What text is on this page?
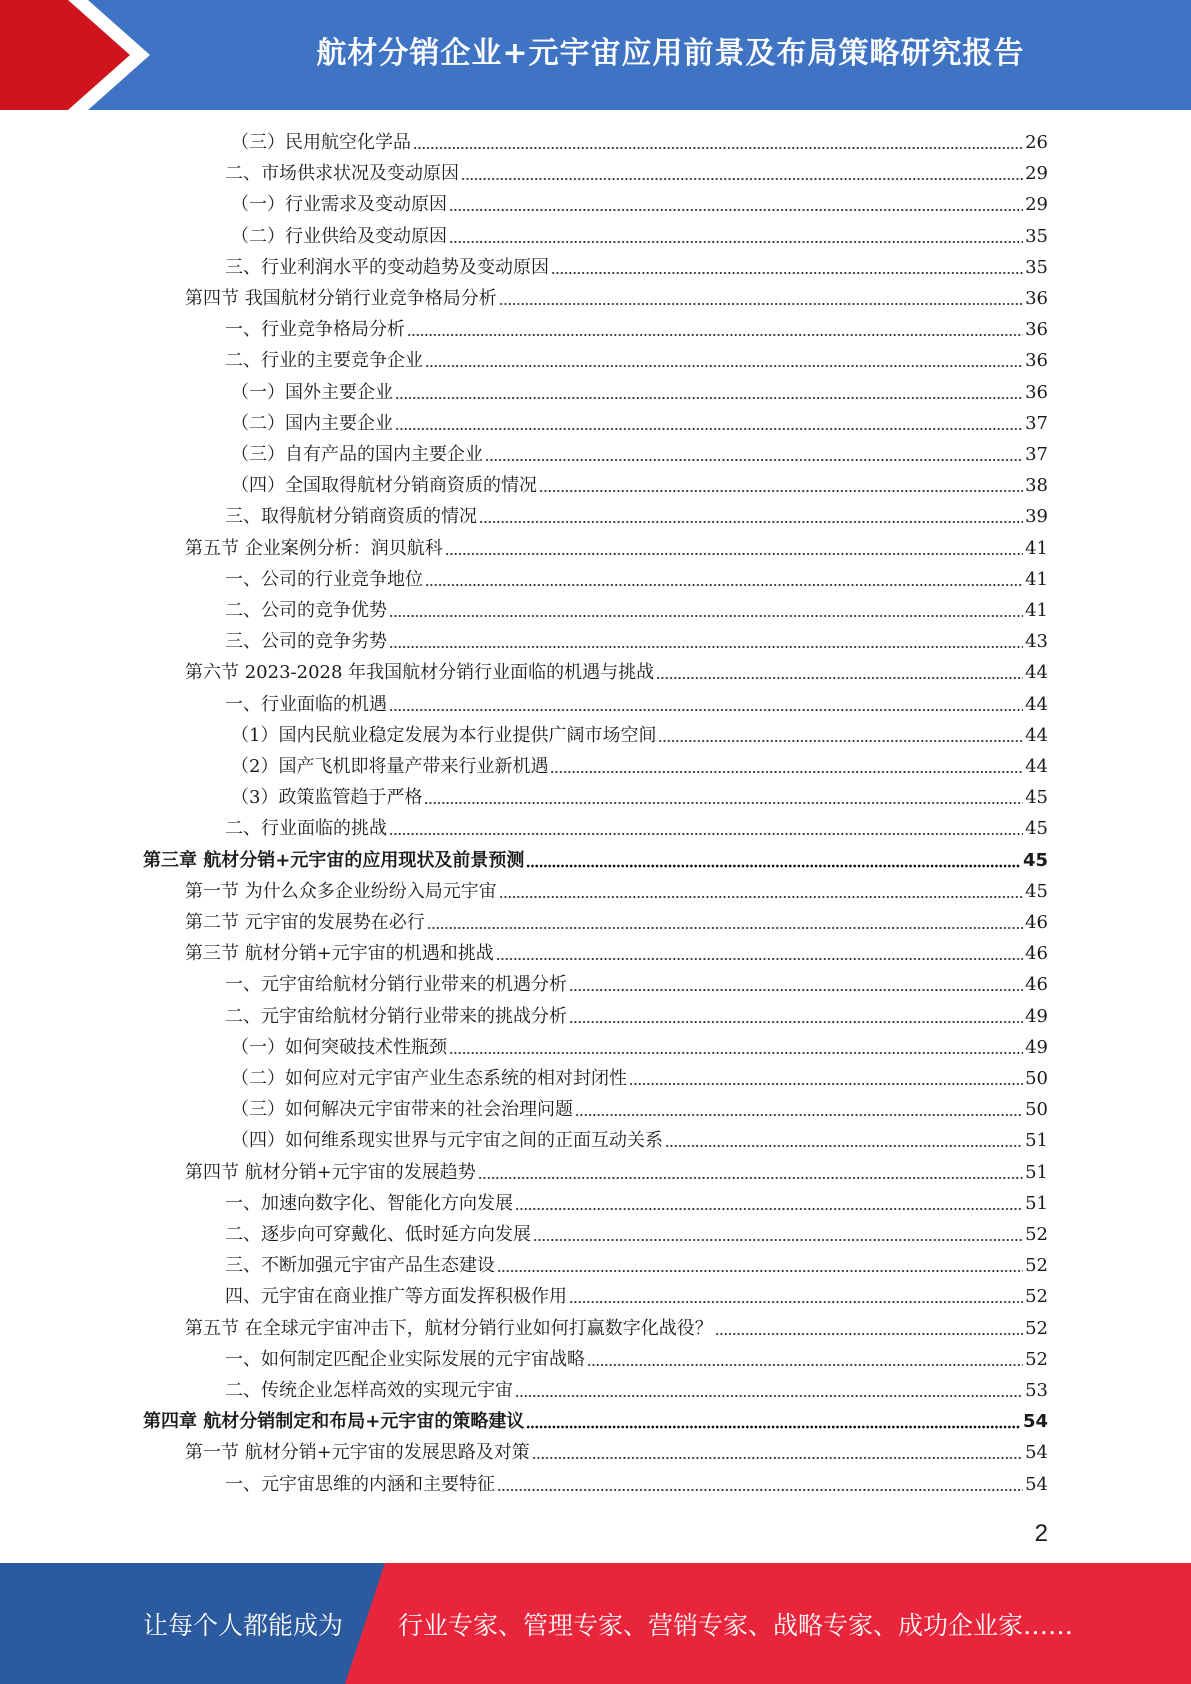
航材分销企业+元宇宙应用前景及布局策略研究报告
（三）民用航空化学品	26
二、市场供求状况及变动原因	29
（一）行业需求及变动原因	29
（二）行业供给及变动原因	35
三、行业利润水平的变动趋势及变动原因	35
第四节 我国航材分销行业竞争格局分析	36
一、行业竞争格局分析	36
二、行业的主要竞争企业	36
（一）国外主要企业	36
（二）国内主要企业	37
（三）自有产品的国内主要企业	37
（四）全国取得航材分销商资质的情况	38
三、取得航材分销商资质的情况	39
第五节 企业案例分析：润贝航科	41
一、公司的行业竞争地位	41
二、公司的竞争优势	41
三、公司的竞争劣势	43
第六节 2023-2028 年我国航材分销行业面临的机遇与挑战	44
一、行业面临的机遇	44
（1）国内民航业稳定发展为本行业提供广阔市场空间	44
（2）国产飞机即将量产带来行业新机遇	44
（3）政策监管趋于严格	45
二、行业面临的挑战	45
第三章 航材分销+元宇宙的应用现状及前景预测	45
第一节 为什么众多企业纷纷入局元宇宙	45
第二节 元宇宙的发展势在必行	46
第三节 航材分销+元宇宙的机遇和挑战	46
一、元宇宙给航材分销行业带来的机遇分析	46
二、元宇宙给航材分销行业带来的挑战分析	49
（一）如何突破技术性瓶颈	49
（二）如何应对元宇宙产业生态系统的相对封闭性	50
（三）如何解决元宇宙带来的社会治理问题	50
（四）如何维系现实世界与元宇宙之间的正面互动关系	51
第四节 航材分销+元宇宙的发展趋势	51
一、加速向数字化、智能化方向发展	51
二、逐步向可穿戴化、低时延方向发展	52
三、不断加强元宇宙产品生态建设	52
四、元宇宙在商业推广等方面发挥积极作用	52
第五节 在全球元宇宙冲击下，航材分销行业如何打赢数字化战役？	52
一、如何制定匹配企业实际发展的元宇宙战略	52
二、传统企业怎样高效的实现元宇宙	53
第四章 航材分销制定和布局+元宇宙的策略建议	54
第一节 航材分销+元宇宙的发展思路及对策	54
一、元宇宙思维的内涵和主要特征	54
2
让每个人都能成为 行业专家、管理专家、营销专家、战略专家、成功企业家……
